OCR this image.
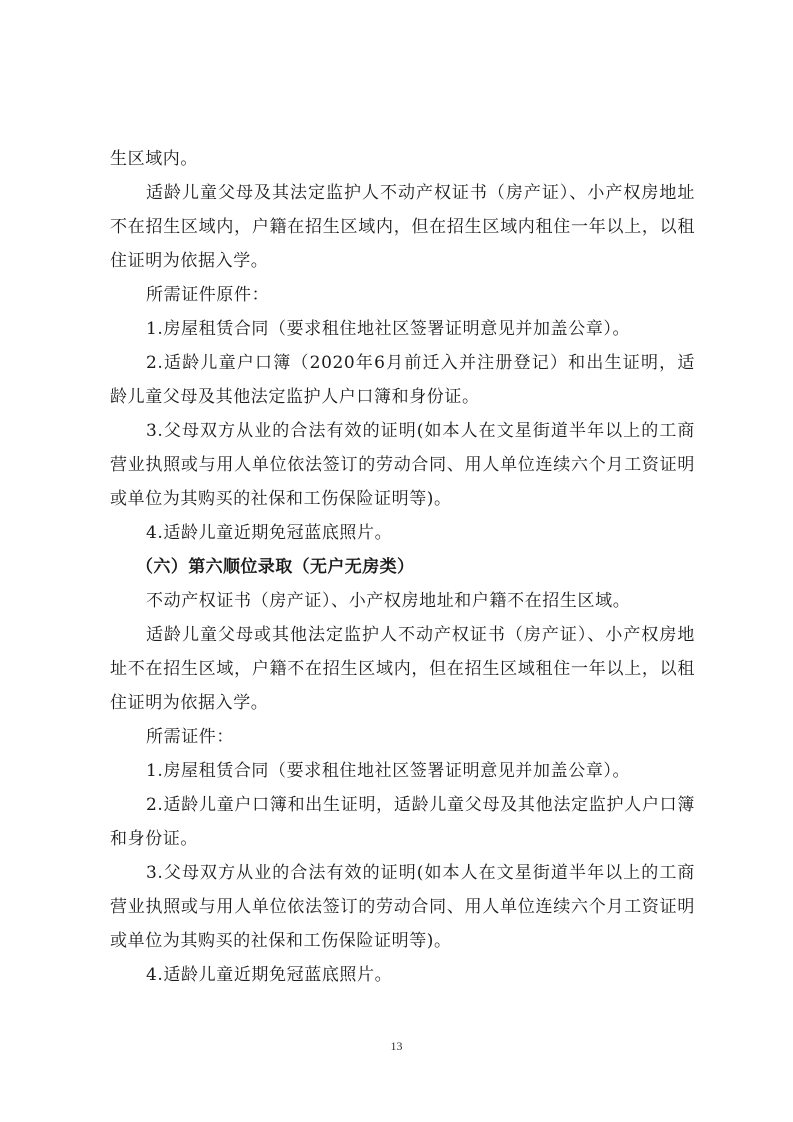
生区域内。

适龄儿童父母及其法定监护人不动产权证书（房产证）、小产权房地址不在招生区域内，户籍在招生区域内，但在招生区域内租住一年以上，以租住证明为依据入学。

所需证件原件：

1.房屋租赁合同（要求租住地社区签署证明意见并加盖公章）。

2.适龄儿童户口簿（2020年6月前迁入并注册登记）和出生证明，适龄儿童父母及其他法定监护人户口簿和身份证。

3.父母双方从业的合法有效的证明(如本人在文星街道半年以上的工商营业执照或与用人单位依法签订的劳动合同、用人单位连续六个月工资证明或单位为其购买的社保和工伤保险证明等)。

4.适龄儿童近期免冠蓝底照片。

（六）第六顺位录取（无户无房类）

不动产权证书（房产证）、小产权房地址和户籍不在招生区域。

适龄儿童父母或其他法定监护人不动产权证书（房产证）、小产权房地址不在招生区域，户籍不在招生区域内，但在招生区域租住一年以上，以租住证明为依据入学。

所需证件：

1.房屋租赁合同（要求租住地社区签署证明意见并加盖公章）。

2.适龄儿童户口簿和出生证明，适龄儿童父母及其他法定监护人户口簿和身份证。

3.父母双方从业的合法有效的证明(如本人在文星街道半年以上的工商营业执照或与用人单位依法签订的劳动合同、用人单位连续六个月工资证明或单位为其购买的社保和工伤保险证明等)。

4.适龄儿童近期免冠蓝底照片。

13
